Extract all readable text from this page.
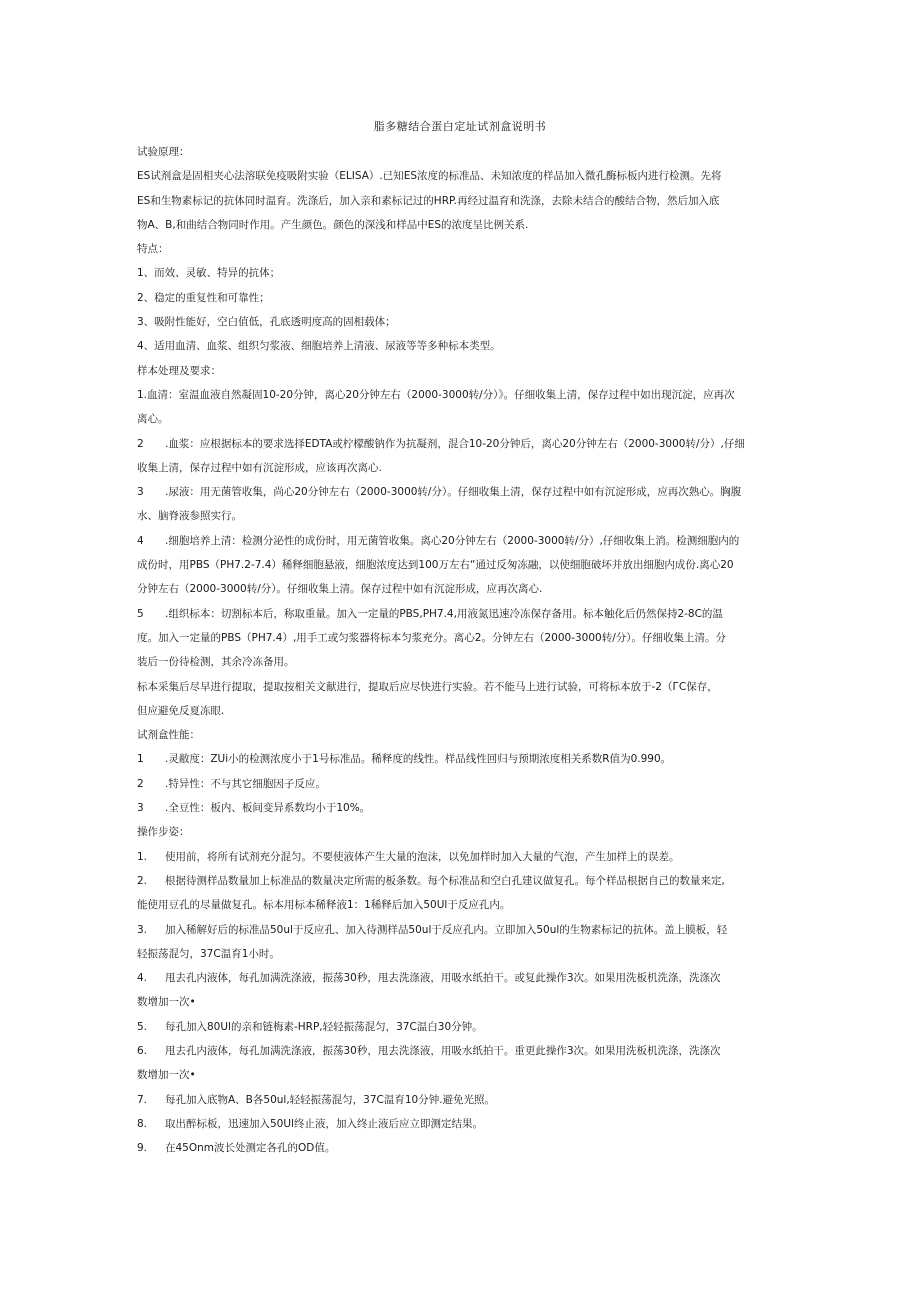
脂多糖结合蛋白定址试剂盒说明书
试验原理：
ES试剂盒是固相夹心法溶联免疫吸附实验（ELISA）.已知ES浓度的标准品、未知浓度的样品加入微孔酶标板内进行检测。先将
ES和生物素标记的抗体同时温育。洗涤后，加入亲和素标记过的HRP.再经过温育和洗涤，去除未结合的酸结合物，然后加入底
物A、B,和曲结合物同时作用。产生颜色。颜色的深浅和样品中ES的浓度呈比例关系.
特点：
1、而效、灵敏、特异的抗体；
2、稳定的重复性和可靠性；
3、吸附性能好，空白值低，孔底透明度高的固相载体；
4、适用血清、血浆、组织匀浆液、细胞培养上清液、尿液等等多种标本类型。
样本处理及要求：
1.血清：室温血液自然凝固10-20分钟，离心20分钟左右（2000-3000转/分）》。仔细收集上清，保存过程中如出现沉淀，应再次
离心。
2 .血浆：应根据标本的要求选择EDTA或柠檬酸钠作为抗凝剂，混合10-20分钟后，离心20分钟左右（2000-3000转/分）,仔细
收集上清，保存过程中如有沉淀形成，应该再次离心.
3 .尿液：用无菌管收集，尚心20分钟左右（2000-3000转/分）。仔细收集上清，保存过程中如有沉淀形成，应再次熟心。胸腹
水、脑脊液参照实行。
4 .细胞培养上清：检测分泌性的成份时，用无菌管收集。离心20分钟左右（2000-3000转/分）,仔细收集上消。检测细胞内的
成份时，用PBS（PH7.2-7.4）稀释细胞悬液，细胞浓度达到100万左右“通过反匆冻融，以使细胞破坏并放出细胞内成份.离心20
分钟左右（2000-3000转/分）。仔细收集上清。保存过程中如有沉淀形成，应再次离心.
5 .组织标本：切割标本后，称取重量。加入一定量的PBS,PH7.4,用液氮迅速冷冻保存备用。标本触化后仍然保持2-8C的温
度。加入一定量的PBS（PH7.4）,用手工或匀浆器将标本匀浆充分。离心2。分钟左右（2000-3000转/分）。仔细收集上清。分
装后一份待检测，其余冷冻备用。
标本采集后尽早进行提取，提取按相关文献进行，提取后应尽快进行实验。若不能马上进行试验，可将标本放于-2（ГC保存，
但应避免反夏冻眼.
试剂盒性能：
1 .灵敝度：ZUi小的检测浓度小于1号标准品。稀释度的线性。样品线性回归与预期浓度相关系数R值为0.990。
2 .特异性：不与其它细胞因子反应。
3 .全豆性：板内、板间变异系数均小于10%。
操作步姿：
1. 使用前，将所有试剂充分混匀。不要使液体产生大量的泡沫，以免加样时加入大量的气泡，产生加样上的误差。
2. 根据待测样品数量加上标准品的数量决定所需的板条数。每个标准品和空白孔建议做复孔。每个样品根据自己的数量来定,
能使用豆孔的尽量做复孔。标本用标本稀释液1：1稀释后加入50Ul于反应孔内。
3. 加入稀解好后的标准品50ul于反应孔、加入待测样品50ul于反应孔内。立即加入50ul的生物素标记的抗体。盖上膜板，轻
轻振荡混匀，37C温育1小时。
4. 甩去孔内液体，每孔加满洗涤液，振荡30秒，甩去洗涤液，用吸水纸拍干。或复此操作3次。如果用洗板机洗涤，洗涤次
数增加一次•
5. 每孔加入80Ul的亲和链梅素-HRP,轻轻振荡混匀，37C温白30分钟。
6. 甩去孔内液体，每孔加满洗涤液，振荡30秒，甩去洗涤液，用吸水纸拍干。重更此操作3次。如果用洗板机洗涤，洗涤次
数增加一次•
7. 每孔加入底物A、B各50ul,轻轻振荡混匀，37C温育10分钟.避免光照。
8. 取出醉标板，迅速加入50Ul终止液，加入终止液后应立即测定结果。
9. 在45Onm波长处测定各孔的OD值。
